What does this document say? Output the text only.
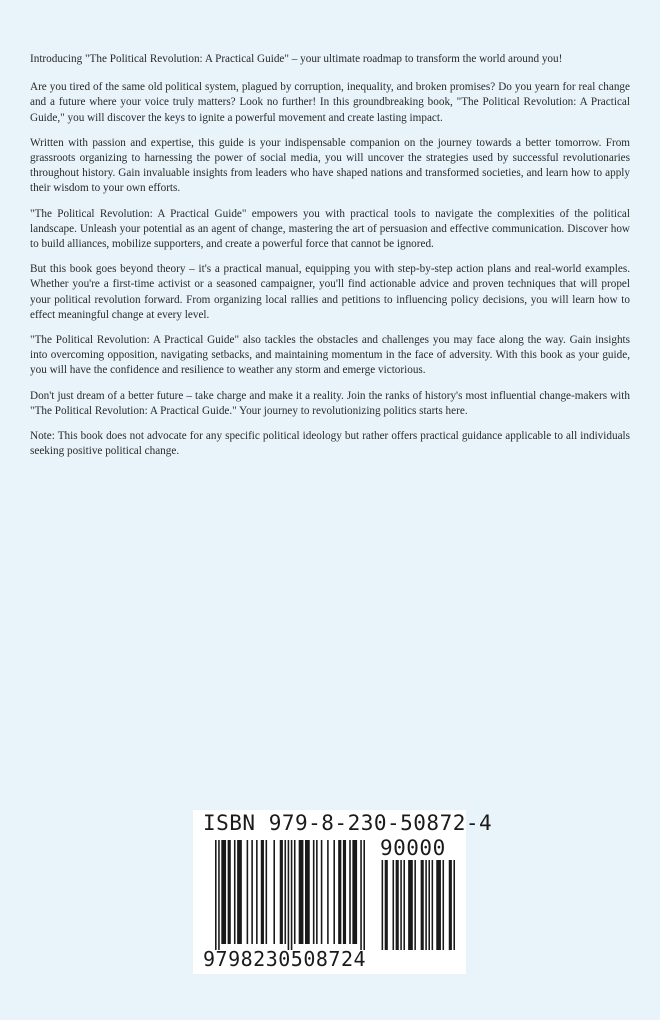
Introducing "The Political Revolution: A Practical Guide" – your ultimate roadmap to transform the world around you!

Are you tired of the same old political system, plagued by corruption, inequality, and broken promises? Do you yearn for real change and a future where your voice truly matters? Look no further! In this groundbreaking book, "The Political Revolution: A Practical Guide," you will discover the keys to ignite a powerful movement and create lasting impact.

Written with passion and expertise, this guide is your indispensable companion on the journey towards a better tomorrow. From grassroots organizing to harnessing the power of social media, you will uncover the strategies used by successful revolutionaries throughout history. Gain invaluable insights from leaders who have shaped nations and transformed societies, and learn how to apply their wisdom to your own efforts.

"The Political Revolution: A Practical Guide" empowers you with practical tools to navigate the complexities of the political landscape. Unleash your potential as an agent of change, mastering the art of persuasion and effective communication. Discover how to build alliances, mobilize supporters, and create a powerful force that cannot be ignored.

But this book goes beyond theory – it's a practical manual, equipping you with step-by-step action plans and real-world examples. Whether you're a first-time activist or a seasoned campaigner, you'll find actionable advice and proven techniques that will propel your political revolution forward. From organizing local rallies and petitions to influencing policy decisions, you will learn how to effect meaningful change at every level.

"The Political Revolution: A Practical Guide" also tackles the obstacles and challenges you may face along the way. Gain insights into overcoming opposition, navigating setbacks, and maintaining momentum in the face of adversity. With this book as your guide, you will have the confidence and resilience to weather any storm and emerge victorious.

Don't just dream of a better future – take charge and make it a reality. Join the ranks of history's most influential change-makers with "The Political Revolution: A Practical Guide." Your journey to revolutionizing politics starts here.

Note: This book does not advocate for any specific political ideology but rather offers practical guidance applicable to all individuals seeking positive political change.

ISBN 979-8-230-50872-4
90000
9798230508724
